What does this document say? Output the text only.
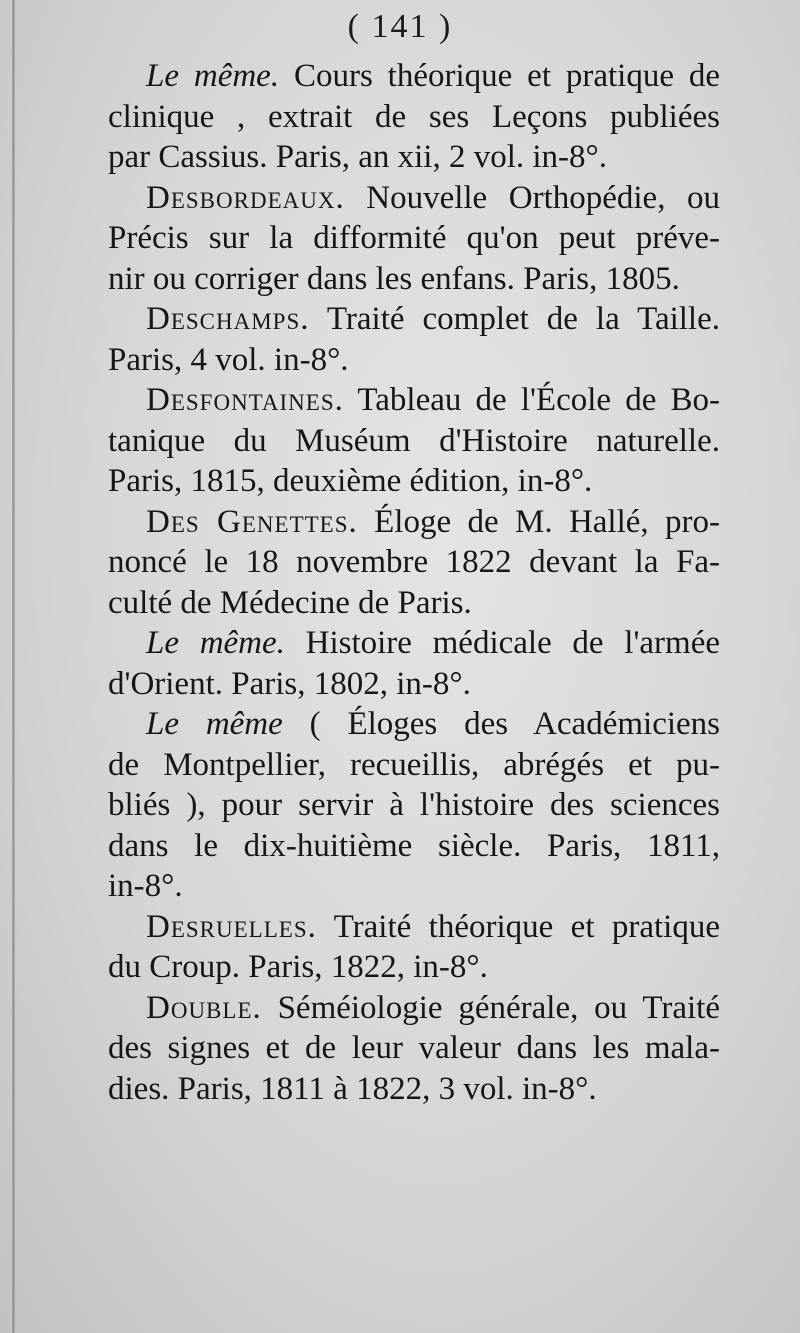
( 141 )
Le même. Cours théorique et pratique de
clinique , extrait de ses Leçons publiées
par Cassius. Paris, an xii, 2 vol. in-8°.
Desbordeaux. Nouvelle Orthopédie, ou
Précis sur la difformité qu'on peut préve-
nir ou corriger dans les enfans. Paris, 1805.
Deschamps. Traité complet de la Taille.
Paris, 4 vol. in-8°.
Desfontaines. Tableau de l'École de Bo-
tanique du Muséum d'Histoire naturelle.
Paris, 1815, deuxième édition, in-8°.
Des Genettes. Éloge de M. Hallé, pro-
noncé le 18 novembre 1822 devant la Fa-
culté de Médecine de Paris.
Le même. Histoire médicale de l'armée
d'Orient. Paris, 1802, in-8°.
Le même ( Éloges des Académiciens
de Montpellier, recueillis, abrégés et pu-
bliés ), pour servir à l'histoire des sciences
dans le dix-huitième siècle. Paris, 1811,
in-8°.
Desruelles. Traité théorique et pratique
du Croup. Paris, 1822, in-8°.
Double. Séméiologie générale, ou Traité
des signes et de leur valeur dans les mala-
dies. Paris, 1811 à 1822, 3 vol. in-8°.
